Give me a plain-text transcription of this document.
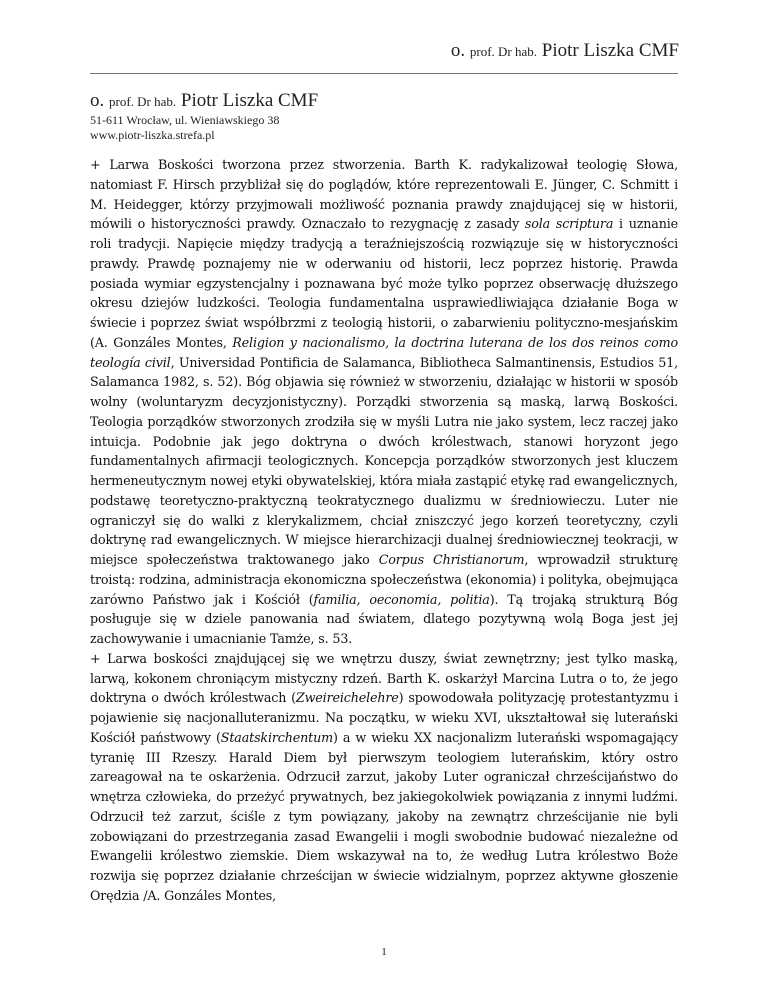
o. prof. Dr hab. Piotr Liszka CMF
o. prof. Dr hab. Piotr Liszka CMF
51-611 Wrocław, ul. Wieniawskiego 38
www.piotr-liszka.strefa.pl

+ Larwa Boskości tworzona przez stworzenia. Barth K. radykalizował teologię Słowa, natomiast F. Hirsch przybliżał się do poglądów, które reprezentowali E. Jünger, C. Schmitt i M. Heidegger, którzy przyjmowali możliwość poznania prawdy znajdującej się w historii, mówili o historyczności prawdy. Oznaczało to rezygnację z zasady sola scriptura i uznanie roli tradycji. Napięcie między tradycją a teraźniejszością rozwiązuje się w historyczności prawdy. Prawdę poznajemy nie w oderwaniu od historii, lecz poprzez historię. Prawda posiada wymiar egzystencjalny i poznawana być może tylko poprzez obserwację dłuższego okresu dziejów ludzkości. Teologia fundamentalna usprawiedliwiająca działanie Boga w świecie i poprzez świat współbrzmi z teologią historii, o zabarwieniu polityczno-mesjańskim (A. Gonzáles Montes, Religion y nacionalismo, la doctrina luterana de los dos reinos como teología civil, Universidad Pontificia de Salamanca, Bibliotheca Salmantinensis, Estudios 51, Salamanca 1982, s. 52). Bóg objawia się również w stworzeniu, działając w historii w sposób wolny (woluntaryzm decyzjonistyczny). Porządki stworzenia są maską, larwą Boskości. Teologia porządków stworzonych zrodziła się w myśli Lutra nie jako system, lecz raczej jako intuicja. Podobnie jak jego doktryna o dwóch królestwach, stanowi horyzont jego fundamentalnych afirmacji teologicznych. Koncepcja porządków stworzonych jest kluczem hermeneutycznym nowej etyki obywatelskiej, która miała zastąpić etykę rad ewangelicznych, podstawę teoretyczno-praktyczną teokratycznego dualizmu w średniowieczu. Luter nie ograniczył się do walki z klerykalizmem, chciał zniszczyć jego korzeń teoretyczny, czyli doktrynę rad ewangelicznych. W miejsce hierarchizacji dualnej średniowiecznej teokracji, w miejsce społeczeństwa traktowanego jako Corpus Christianorum, wprowadził strukturę troistą: rodzina, administracja ekonomiczna społeczeństwa (ekonomia) i polityka, obejmująca zarówno Państwo jak i Kościół (familia, oeconomia, politia). Tą trojaką strukturą Bóg posługuje się w dziele panowania nad światem, dlatego pozytywną wolą Boga jest jej zachowywanie i umacnianie Tamże, s. 53.

+ Larwa boskości znajdującej się we wnętrzu duszy, świat zewnętrzny; jest tylko maską, larwą, kokonem chroniącym mistyczny rdzeń. Barth K. oskarżył Marcina Lutra o to, że jego doktryna o dwóch królestwach (Zweireichelehre) spowodowała polityzację protestantyzmu i pojawienie się nacjonalluteranizmu. Na początku, w wieku XVI, ukształtował się luterański Kościół państwowy (Staatskirchentum) a w wieku XX nacjonalizm luterański wspomagający tyranię III Rzeszy. Harald Diem był pierwszym teologiem luterańskim, który ostro zareagował na te oskarżenia. Odrzucił zarzut, jakoby Luter ograniczał chrześcijaństwo do wnętrza człowieka, do przeżyć prywatnych, bez jakiegokolwiek powiązania z innymi ludźmi. Odrzucił też zarzut, ściśle z tym powiązany, jakoby na zewnątrz chrześcijanie nie byli zobowiązani do przestrzegania zasad Ewangelii i mogli swobodnie budować niezależne od Ewangelii królestwo ziemskie. Diem wskazywał na to, że według Lutra królestwo Boże rozwija się poprzez działanie chrześcijan w świecie widzialnym, poprzez aktywne głoszenie Orędzia /A. Gonzáles Montes,

1
